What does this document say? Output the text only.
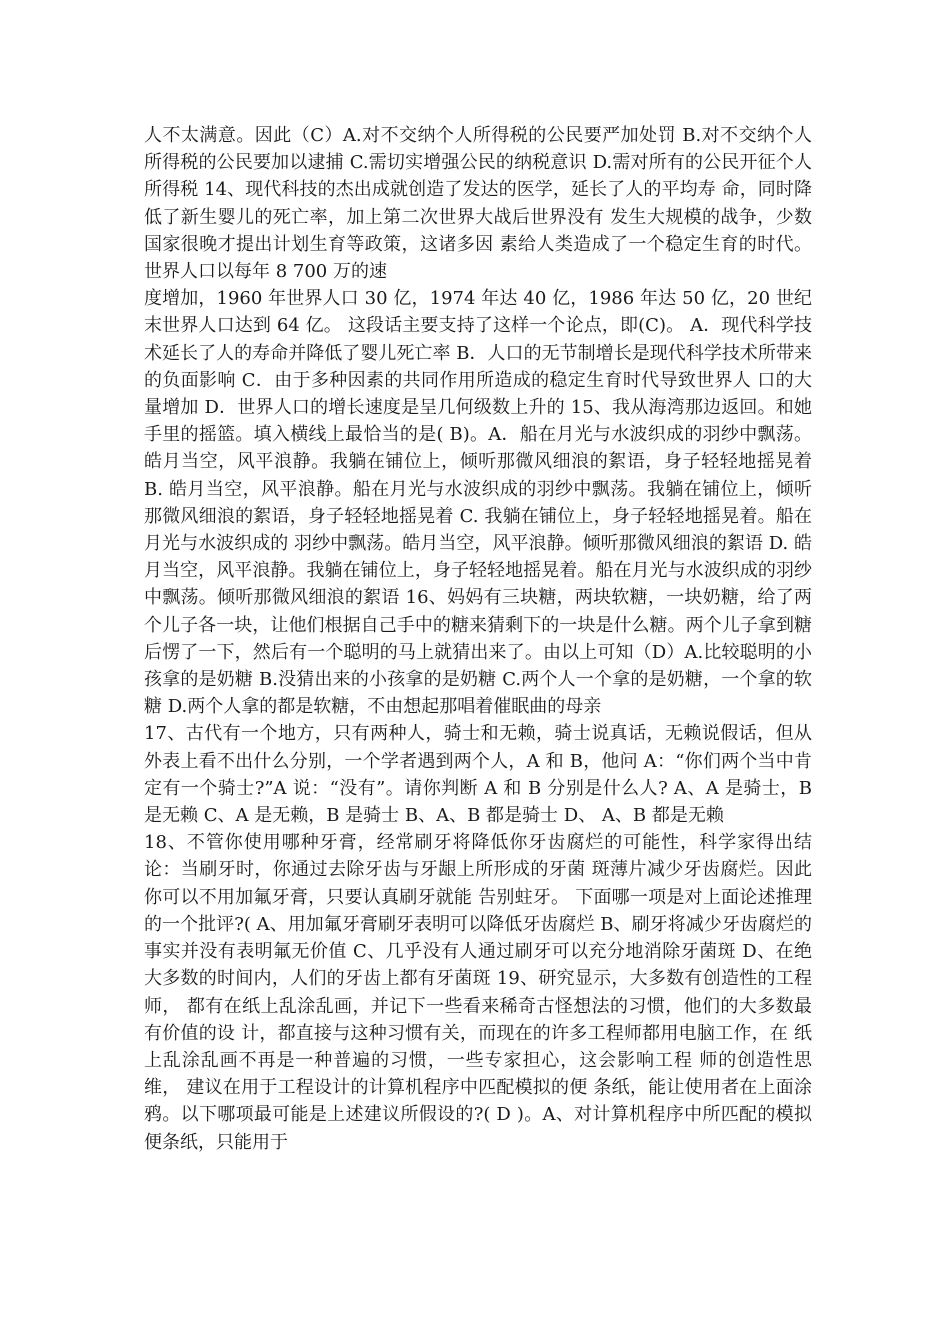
人不太满意。因此（C）A.对不交纳个人所得税的公民要严加处罚 B.对不交纳个人所得税的公民要加以逮捕 C.需切实增强公民的纳税意识 D.需对所有的公民开征个人所得税 14、现代科技的杰出成就创造了发达的医学，延长了人的平均寿 命，同时降低了新生婴儿的死亡率，加上第二次世界大战后世界没有 发生大规模的战争，少数国家很晚才提出计划生育等政策，这诸多因 素给人类造成了一个稳定生育的时代。世界人口以每年 8 700 万的速

度增加，1960 年世界人口 30 亿，1974 年达 40 亿，1986 年达 50 亿，20 世纪末世界人口达到 64 亿。 这段话主要支持了这样一个论点，即(C)。 A．现代科学技术延长了人的寿命并降低了婴儿死亡率 B．人口的无节制增长是现代科学技术所带来的负面影响 C．由于多种因素的共同作用所造成的稳定生育时代导致世界人 口的大量增加 D．世界人口的增长速度是呈几何级数上升的 15、我从海湾那边返回。和她手里的摇篮。填入横线上最恰当的是( B)。A．船在月光与水波织成的羽纱中飘荡。皓月当空，风平浪静。我躺在铺位上，倾听那微风细浪的絮语，身子轻轻地摇晃着 B. 皓月当空，风平浪静。船在月光与水波织成的羽纱中飘荡。我躺在铺位上，倾听那微风细浪的絮语，身子轻轻地摇晃着 C. 我躺在铺位上，身子轻轻地摇晃着。船在月光与水波织成的 羽纱中飘荡。皓月当空，风平浪静。倾听那微风细浪的絮语 D. 皓月当空，风平浪静。我躺在铺位上，身子轻轻地摇晃着。船在月光与水波织成的羽纱中飘荡。倾听那微风细浪的絮语 16、妈妈有三块糖，两块软糖，一块奶糖，给了两个儿子各一块，让他们根据自己手中的糖来猜剩下的一块是什么糖。两个儿子拿到糖 后愣了一下，然后有一个聪明的马上就猜出来了。由以上可知（D）A.比较聪明的小孩拿的是奶糖 B.没猜出来的小孩拿的是奶糖 C.两个人一个拿的是奶糖，一个拿的软糖 D.两个人拿的都是软糖，不由想起那唱着催眠曲的母亲

17、古代有一个地方，只有两种人，骑士和无赖，骑士说真话，无赖说假话，但从外表上看不出什么分别，一个学者遇到两个人，A 和 B，他问 A：“你们两个当中肯定有一个骑士?”A 说：“没有”。请你判断 A 和 B 分别是什么人? A、A 是骑士，B 是无赖 C、A 是无赖，B 是骑士 B、A、B 都是骑士 D、 A、B 都是无赖

18、不管你使用哪种牙膏，经常刷牙将降低你牙齿腐烂的可能性，科学家得出结论：当刷牙时，你通过去除牙齿与牙龈上所形成的牙菌 斑薄片减少牙齿腐烂。因此你可以不用加氟牙膏，只要认真刷牙就能 告别蛀牙。 下面哪一项是对上面论述推理的一个批评?( A、用加氟牙膏刷牙表明可以降低牙齿腐烂 B、刷牙将减少牙齿腐烂的事实并没有表明氟无价值 C、几乎没有人通过刷牙可以充分地消除牙菌斑 D、在绝大多数的时间内，人们的牙齿上都有牙菌斑 19、研究显示，大多数有创造性的工程师， 都有在纸上乱涂乱画，并记下一些看来稀奇古怪想法的习惯，他们的大多数最有价值的设 计，都直接与这种习惯有关，而现在的许多工程师都用电脑工作，在 纸上乱涂乱画不再是一种普遍的习惯，一些专家担心，这会影响工程 师的创造性思维， 建议在用于工程设计的计算机程序中匹配模拟的便 条纸，能让使用者在上面涂鸦。以下哪项最可能是上述建议所假设的?( D )。A、对计算机程序中所匹配的模拟便条纸，只能用于
